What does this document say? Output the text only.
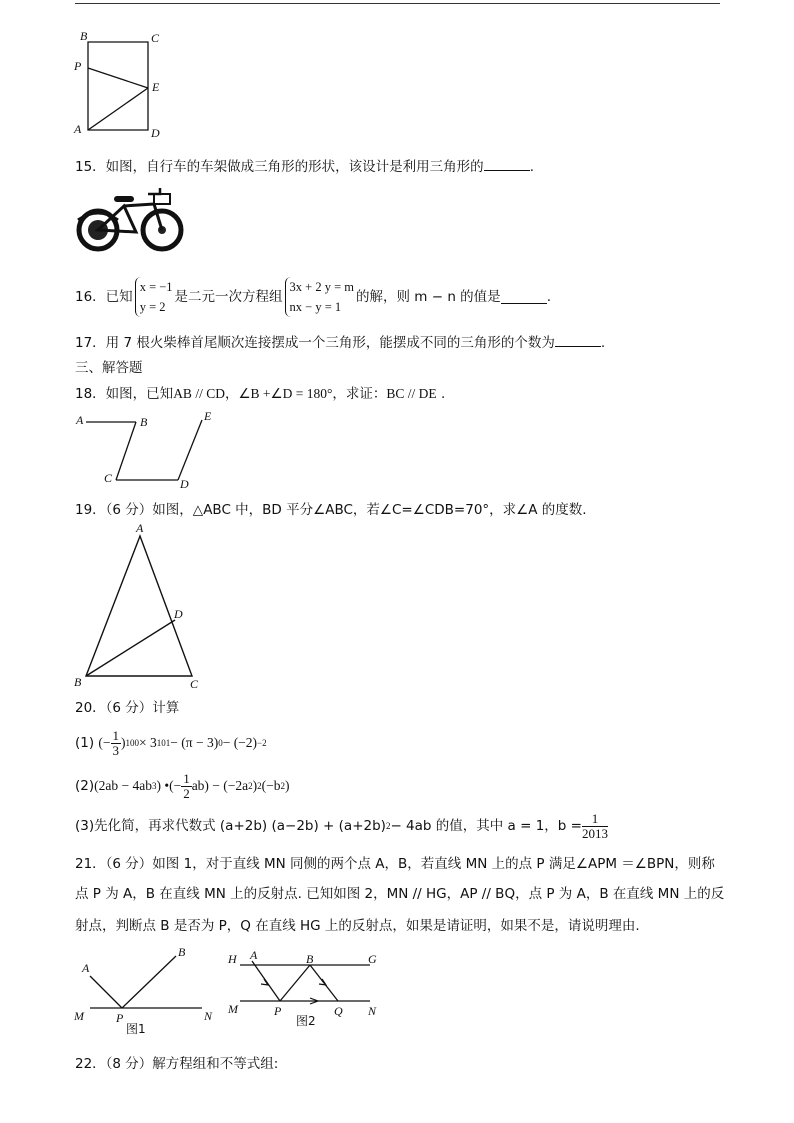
B	C
P
E
A	D
15．如图，自行车的车架做成三角形的形状，该设计是利用三角形的	.
16．已知
x = −1
y = 2
是二元一次方程组
3x + 2 y = m
nx − y = 1
的解，则 m − n 的值是	.
17．用 7 根火柴棒首尾顺次连接摆成一个三角形，能摆成不同的三角形的个数为	.
三、解答题
18．如图，已知AB // CD，∠B +∠D = 180°，求证：BC // DE .
A	B	E
C	D
19．（6 分）如图，△ABC 中，BD 平分∠ABC，若∠C=∠CDB=70°，求∠A 的度数.
A
D
B	C
20．（6 分）计算
(1)
(− $\frac{1}{3}$ ) 100 × 3 101 − (π − 3) 0 − (−2) −2
(2) (2ab − 4ab 3 ) •(− $\frac{1}{2} ab) - (-2a$ 2 ) 2 (−b 2 )
(3)先化简，再求代数式 (a+2b) (a−2b) + (a+2b) 2 − 4ab 的值，其中 a = 1，$b = \frac{1}{2013}$
21．（6 分）如图 1，对于直线 MN 同侧的两个点 A，B，若直线 MN 上的点 P 满足∠APM ＝∠BPN，则称
点 P 为 A，B 在直线 MN 上的反射点. 已知如图 2，MN // HG，AP // BQ，点 P 为 A，B 在直线 MN 上的反
射点，判断点 B 是否为 P，Q 在直线 HG 上的反射点，如果是请证明，如果不是，请说明理由.
A
B
M	P	N
图1
H A	B	G
M	P	Q N
图2
22．（8 分）解方程组和不等式组:
